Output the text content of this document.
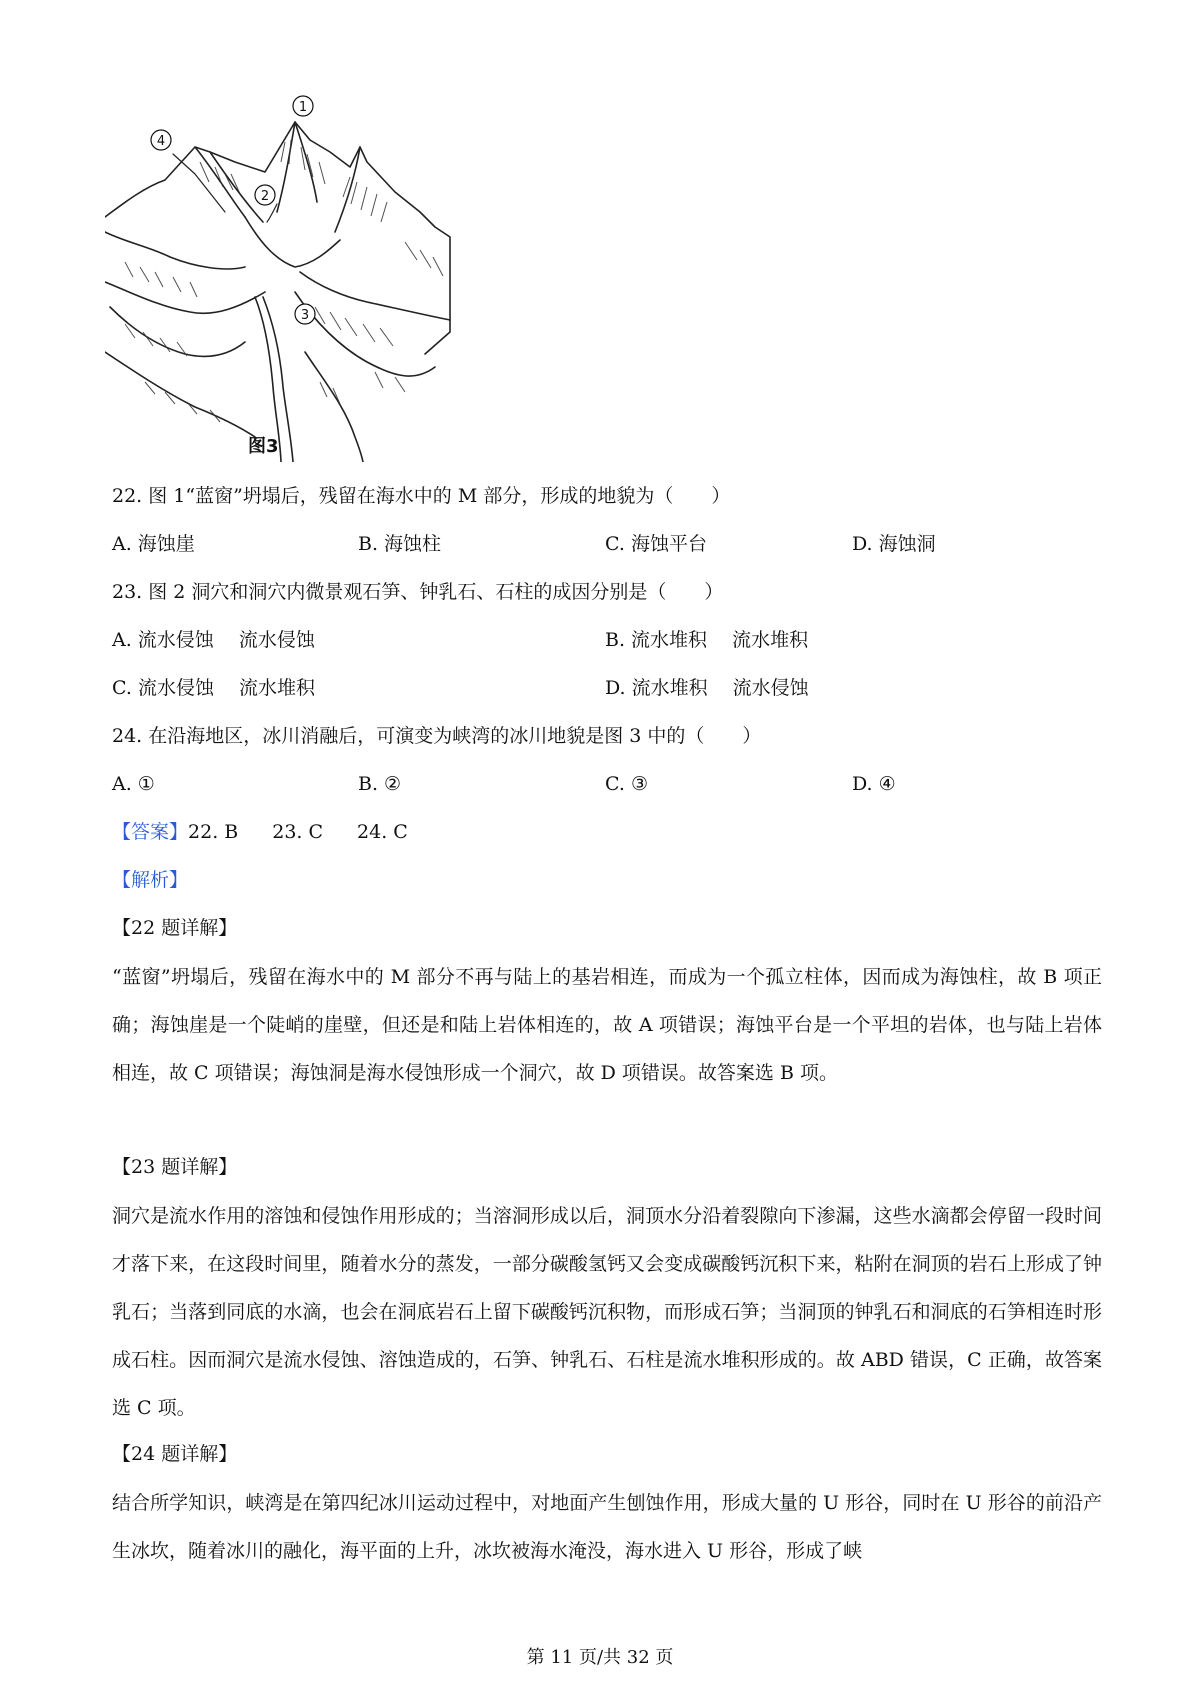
1
4
2
3
图3
22. 图 1“蓝窗”坍塌后，残留在海水中的 M 部分，形成的地貌为（　　）
A. 海蚀崖	B. 海蚀柱	C. 海蚀平台	D. 海蚀洞
23. 图 2 洞穴和洞穴内微景观石笋、钟乳石、石柱的成因分别是（　　）
A. 流水侵蚀　 流水侵蚀	B. 流水堆积　 流水堆积
C. 流水侵蚀　 流水堆积	D. 流水堆积　 流水侵蚀
24. 在沿海地区，冰川消融后，可演变为峡湾的冰川地貌是图 3 中的（　　）
A. ①	B. ②	C. ③	D. ④
【答案】22. B 23. C 24. C
【解析】
【22 题详解】

“蓝窗”坍塌后，残留在海水中的 M 部分不再与陆上的基岩相连，而成为一个孤立柱体，因而成为海蚀柱，故 B 项正确；海蚀崖是一个陡峭的崖壁，但还是和陆上岩体相连的，故 A 项错误；海蚀平台是一个平坦的岩体，也与陆上岩体相连，故 C 项错误；海蚀洞是海水侵蚀形成一个洞穴，故 D 项错误。故答案选 B 项。

【23 题详解】

洞穴是流水作用的溶蚀和侵蚀作用形成的；当溶洞形成以后，洞顶水分沿着裂隙向下渗漏，这些水滴都会停留一段时间才落下来，在这段时间里，随着水分的蒸发，一部分碳酸氢钙又会变成碳酸钙沉积下来，粘附在洞顶的岩石上形成了钟乳石；当落到同底的水滴，也会在洞底岩石上留下碳酸钙沉积物，而形成石笋；当洞顶的钟乳石和洞底的石笋相连时形成石柱。因而洞穴是流水侵蚀、溶蚀造成的，石笋、钟乳石、石柱是流水堆积形成的。故 ABD 错误，C 正确，故答案选 C 项。

【24 题详解】

结合所学知识，峡湾是在第四纪冰川运动过程中，对地面产生刨蚀作用，形成大量的 U 形谷，同时在 U 形谷的前沿产生冰坎，随着冰川的融化，海平面的上升，冰坎被海水淹没，海水进入 U 形谷，形成了峡

第 11 页/共 32 页
